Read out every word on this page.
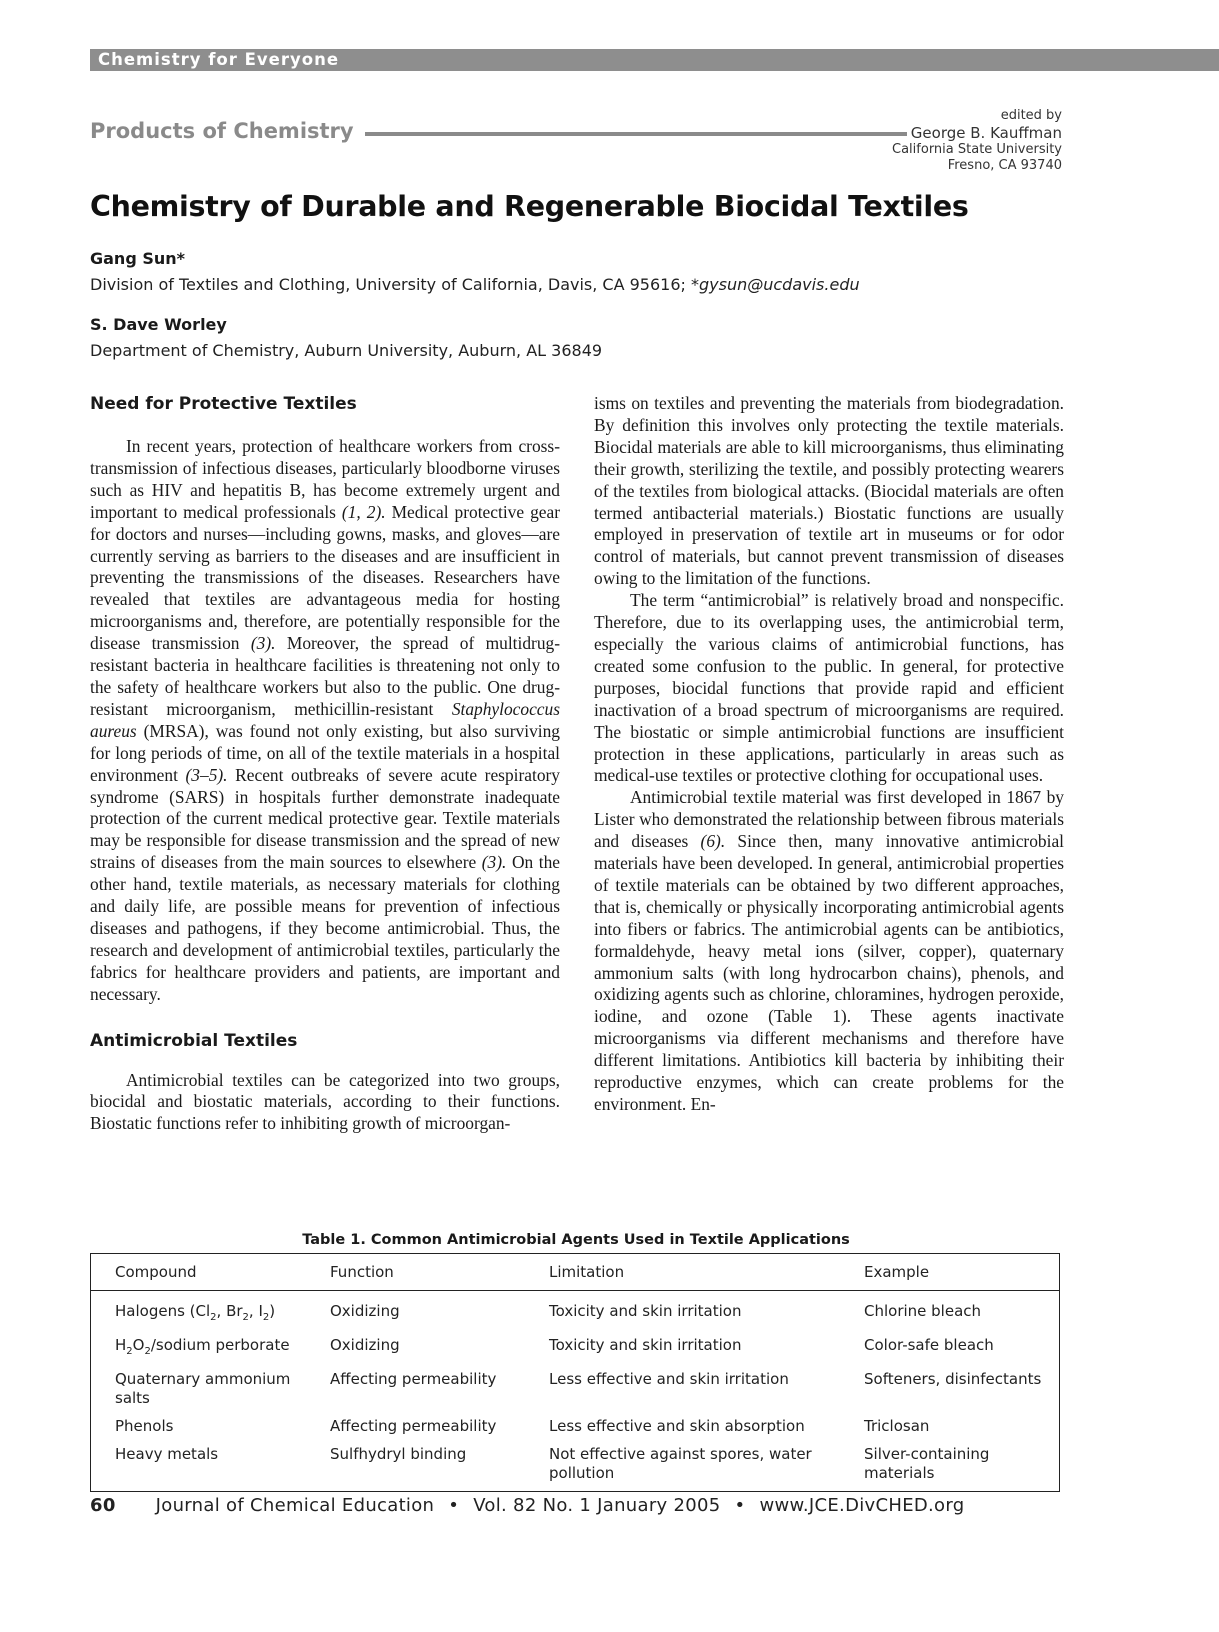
Chemistry for Everyone
Products of Chemistry
edited by
George B. Kauffman
California State University
Fresno, CA 93740
Chemistry of Durable and Regenerable Biocidal Textiles
Gang Sun*
Division of Textiles and Clothing, University of California, Davis, CA 95616; *gysun@ucdavis.edu
S. Dave Worley
Department of Chemistry, Auburn University, Auburn, AL 36849
Need for Protective Textiles

In recent years, protection of healthcare workers from cross-transmission of infectious diseases, particularly bloodborne viruses such as HIV and hepatitis B, has become extremely urgent and important to medical professionals (1, 2). Medical protective gear for doctors and nurses—including gowns, masks, and gloves—are currently serving as barriers to the diseases and are insufficient in preventing the transmissions of the diseases. Researchers have revealed that textiles are advantageous media for hosting microorganisms and, therefore, are potentially responsible for the disease transmission (3). Moreover, the spread of multidrug-resistant bacteria in healthcare facilities is threatening not only to the safety of healthcare workers but also to the public. One drug-resistant microorganism, methicillin-resistant Staphylococcus aureus (MRSA), was found not only existing, but also surviving for long periods of time, on all of the textile materials in a hospital environment (3–5). Recent outbreaks of severe acute respiratory syndrome (SARS) in hospitals further demonstrate inadequate protection of the current medical protective gear. Textile materials may be responsible for disease transmission and the spread of new strains of diseases from the main sources to elsewhere (3). On the other hand, textile materials, as necessary materials for clothing and daily life, are possible means for prevention of infectious diseases and pathogens, if they become antimicrobial. Thus, the research and development of antimicrobial textiles, particularly the fabrics for healthcare providers and patients, are important and necessary.

Antimicrobial Textiles

Antimicrobial textiles can be categorized into two groups, biocidal and biostatic materials, according to their functions. Biostatic functions refer to inhibiting growth of microorgan-

isms on textiles and preventing the materials from biodegradation. By definition this involves only protecting the textile materials. Biocidal materials are able to kill microorganisms, thus eliminating their growth, sterilizing the textile, and possibly protecting wearers of the textiles from biological attacks. (Biocidal materials are often termed antibacterial materials.) Biostatic functions are usually employed in preservation of textile art in museums or for odor control of materials, but cannot prevent transmission of diseases owing to the limitation of the functions.

The term “antimicrobial” is relatively broad and nonspecific. Therefore, due to its overlapping uses, the antimicrobial term, especially the various claims of antimicrobial functions, has created some confusion to the public. In general, for protective purposes, biocidal functions that provide rapid and efficient inactivation of a broad spectrum of microorganisms are required. The biostatic or simple antimicrobial functions are insufficient protection in these applications, particularly in areas such as medical-use textiles or protective clothing for occupational uses.

Antimicrobial textile material was first developed in 1867 by Lister who demonstrated the relationship between fibrous materials and diseases (6). Since then, many innovative antimicrobial materials have been developed. In general, antimicrobial properties of textile materials can be obtained by two different approaches, that is, chemically or physically incorporating antimicrobial agents into fibers or fabrics. The antimicrobial agents can be antibiotics, formaldehyde, heavy metal ions (silver, copper), quaternary ammonium salts (with long hydrocarbon chains), phenols, and oxidizing agents such as chlorine, chloramines, hydrogen peroxide, iodine, and ozone (Table 1). These agents inactivate microorganisms via different mechanisms and therefore have different limitations. Antibiotics kill bacteria by inhibiting their reproductive enzymes, which can create problems for the environment. En-

Table 1. Common Antimicrobial Agents Used in Textile Applications
Compound	Function	Limitation	Example
Halogens ($Cl_2$, $Br_2$, $I_2$)	Oxidizing	Toxicity and skin irritation	Chlorine bleach
$H_2O_2$/sodium perborate	Oxidizing	Toxicity and skin irritation	Color-safe bleach
Quaternary ammonium salts	Affecting permeability	Less effective and skin irritation	Softeners, disinfectants
Phenols	Affecting permeability	Less effective and skin absorption	Triclosan
Heavy metals	Sulfhydryl binding	Not effective against spores, water pollution	Silver-containing materials
60 Journal of Chemical Education • Vol. 82 No. 1 January 2005 • www.JCE.DivCHED.org
